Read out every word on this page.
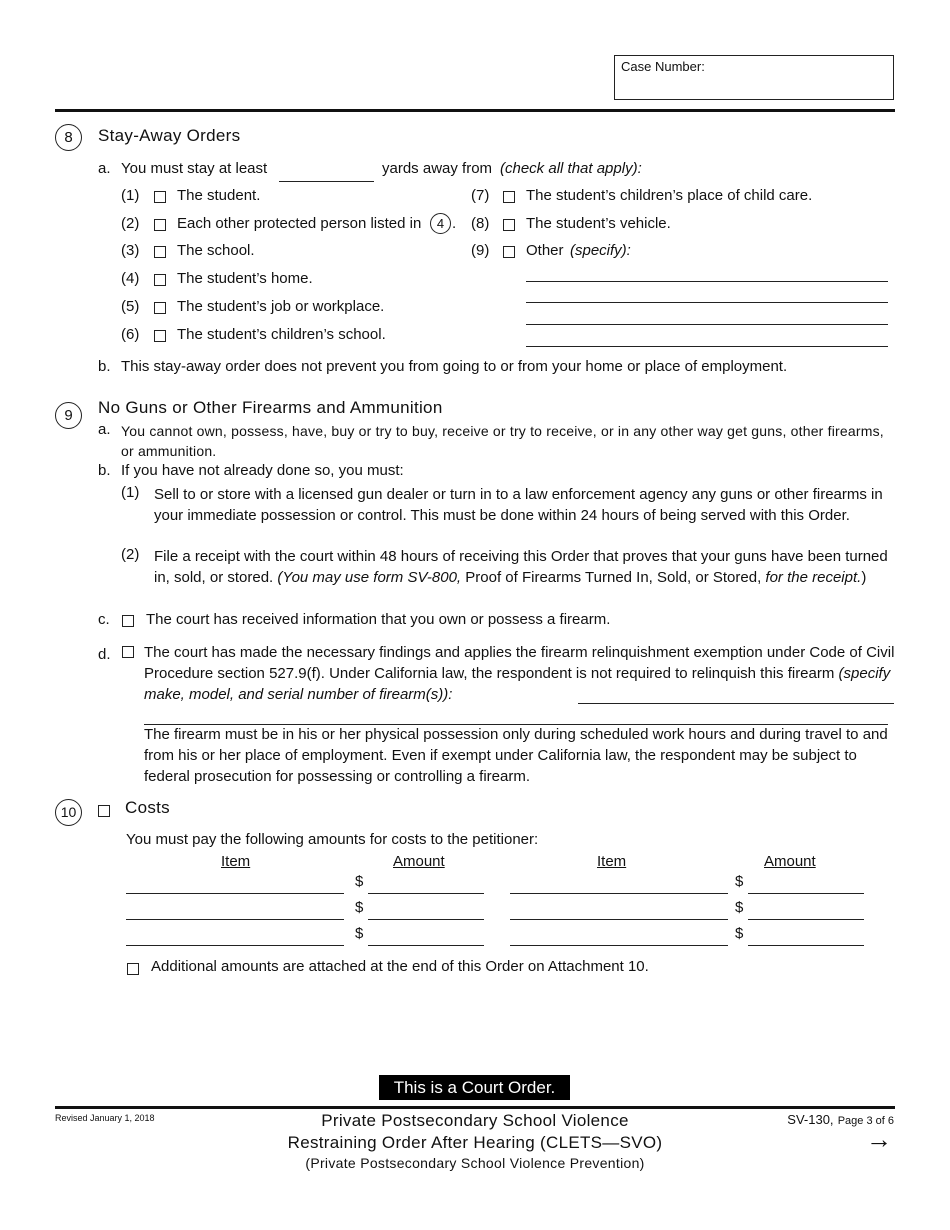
Case Number:
8	Stay-Away Orders
a. You must stay at least	yards away from (check all that apply):
(1)	The student.
(2)	Each other protected person listed in	4 .
(3)	The school.
(4)	The student’s home.
(5)	The student’s job or workplace.
(6)	The student’s children’s school.
(7) The student’s children’s place of child care.
(8) The student’s vehicle.
(9) Other (specify):
b. This stay-away order does not prevent you from going to or from your home or place of employment.
9	No Guns or Other Firearms and Ammunition
a. You cannot own, possess, have, buy or try to buy, receive or try to receive, or in any other way get guns, other firearms, or ammunition.
b. If you have not already done so, you must:
(1) Sell to or store with a licensed gun dealer or turn in to a law enforcement agency any guns or other firearms in your immediate possession or control. This must be done within 24 hours of being served with this Order.
(2) File a receipt with the court within 48 hours of receiving this Order that proves that your guns have been turned in, sold, or stored. (You may use form SV-800, Proof of Firearms Turned In, Sold, or Stored, for the receipt.)
c. The court has received information that you own or possess a firearm.
d. The court has made the necessary findings and applies the firearm relinquishment exemption under Code of Civil Procedure section 527.9(f). Under California law, the respondent is not required to relinquish this firearm (specify make, model, and serial number of firearm(s)):
The firearm must be in his or her physical possession only during scheduled work hours and during travel to and from his or her place of employment. Even if exempt under California law, the respondent may be subject to federal prosecution for possessing or controlling a firearm.
10	Costs
You must pay the following amounts for costs to the petitioner:
Item	Amount	Item	Amount
$	$
$	$
$	$
Additional amounts are attached at the end of this Order on Attachment 10.
This is a Court Order.
Revised January 1, 2018	Private Postsecondary School Violence
Restraining Order After Hearing (CLETS—SVO)
(Private Postsecondary School Violence Prevention)
SV-130, Page 3 of 6
→
